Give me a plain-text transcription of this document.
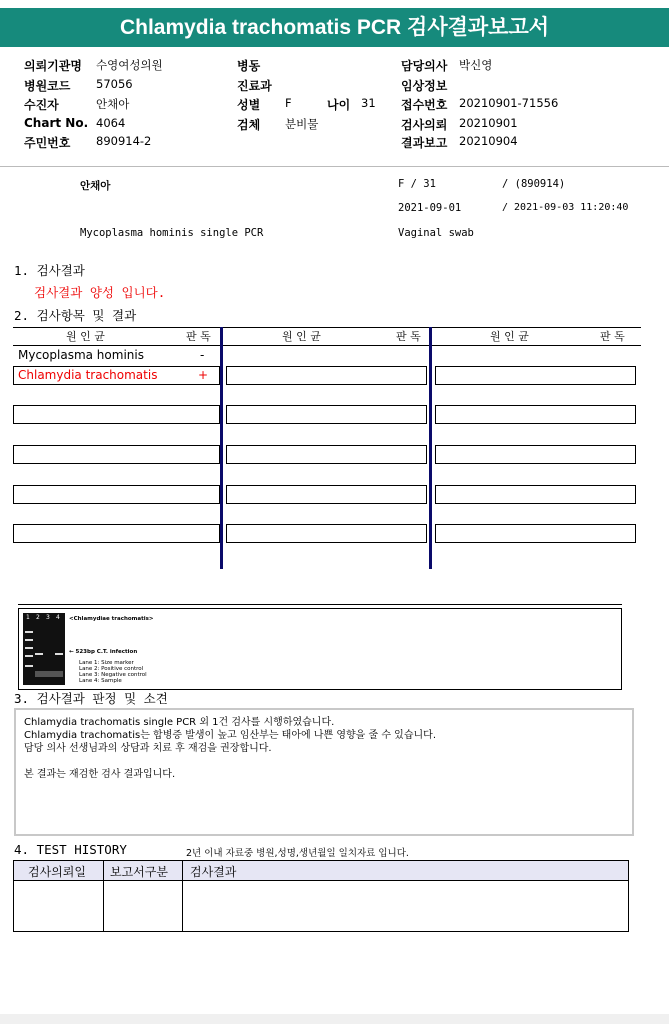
Chlamydia trachomatis PCR 검사결과보고서
의뢰기관명 수영여성의원
병원코드 57056
수진자	안채아
Chart No. 4064
주민번호 890914-2
병동
진료과
성별 F	나이 31
검체 분비물
담당의사 박신영
임상정보
접수번호 20210901-71556
검사의뢰 20210901
결과보고 20210904
안채아	F / 31	/ (890914)
2021-09-01	/ 2021-09-03 11:20:40
Mycoplasma hominis single PCR	Vaginal swab
1. 검사결과
검사결과 양성 입니다.
2. 검사항목 및 결과
원 인 균	판 독	원 인 균	판 독	원 인 균	판 독
Mycoplasma hominis	-
Chlamydia trachomatis	+
1 2 3 4 <Chlamydiae trachomatis>
← 523bp C.T. infection
Lane 1: Size marker
Lane 2: Positive control
Lane 3: Negative control
Lane 4: Sample
3. 검사결과 판정 및 소견
Chlamydia trachomatis single PCR 외 1건 검사를 시행하였습니다.
Chlamydia trachomatis는 합병증 발생이 높고 임산부는 태아에 나쁜 영향을 줄 수 있습니다.
담당 의사 선생님과의 상담과 치료 후 재검을 권장합니다.
본 결과는 재검한 검사 결과입니다.
4. TEST HISTORY	2년 이내 자료중 병원,성명,생년월일 일치자료 입니다.
검사의뢰일 보고서구분 검사결과
